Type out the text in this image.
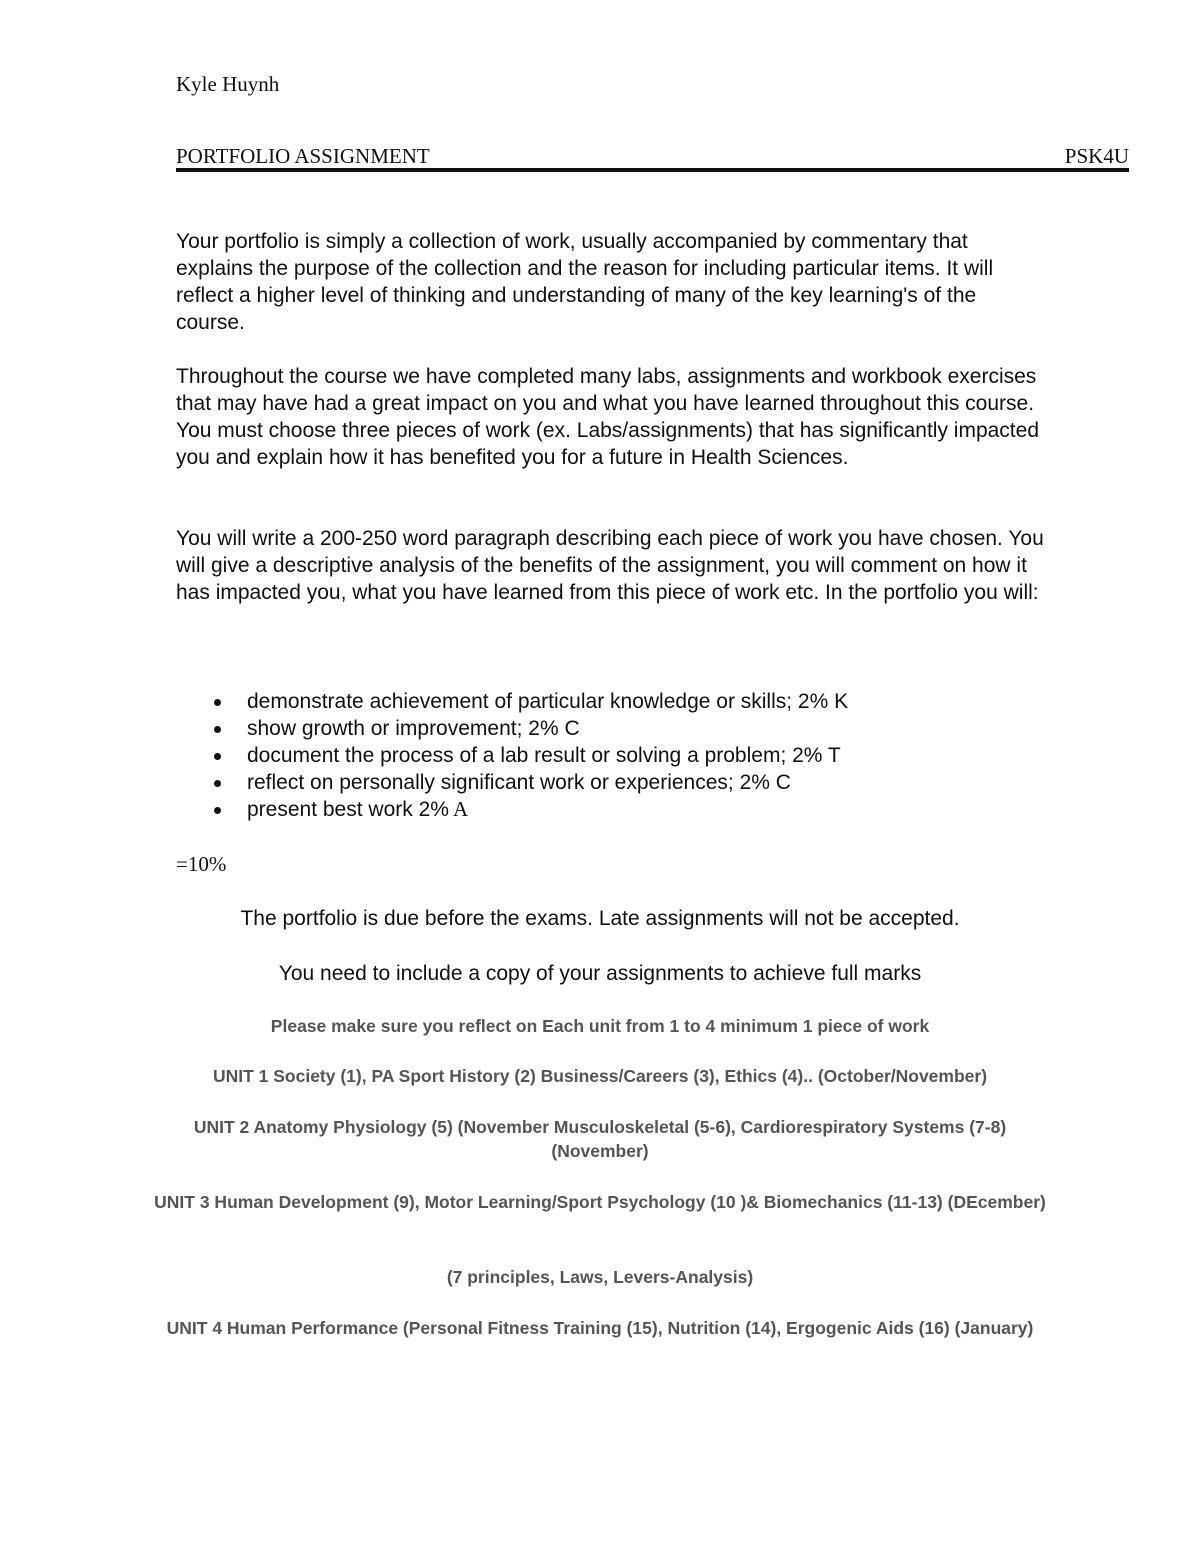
Kyle Huynh
PORTFOLIO ASSIGNMENT	PSK4U

Your portfolio is simply a collection of work, usually accompanied by commentary that explains the purpose of the collection and the reason for including particular items. It will reflect a higher level of thinking and understanding of many of the key learning's of the course.

Throughout the course we have completed many labs, assignments and workbook exercises that may have had a great impact on you and what you have learned throughout this course. You must choose three pieces of work (ex. Labs/assignments) that has significantly impacted you and explain how it has benefited you for a future in Health Sciences.

You will write a 200-250 word paragraph describing each piece of work you have chosen. You will give a descriptive analysis of the benefits of the assignment, you will comment on how it has impacted you, what you have learned from this piece of work etc. In the portfolio you will:

demonstrate achievement of particular knowledge or skills; 2% K
show growth or improvement; 2% C
document the process of a lab result or solving a problem; 2% T
reflect on personally significant work or experiences; 2% C
present best work 2% A
=10%

The portfolio is due before the exams. Late assignments will not be accepted.

You need to include a copy of your assignments to achieve full marks

Please make sure you reflect on Each unit from 1 to 4 minimum 1 piece of work

UNIT 1 Society (1), PA Sport History (2) Business/Careers (3), Ethics (4).. (October/November)

UNIT 2 Anatomy Physiology (5) (November Musculoskeletal (5-6), Cardiorespiratory Systems (7-8) (November)

UNIT 3 Human Development (9), Motor Learning/Sport Psychology (10 )& Biomechanics (11-13) (DEcember)

(7 principles, Laws, Levers-Analysis)

UNIT 4 Human Performance (Personal Fitness Training (15), Nutrition (14), Ergogenic Aids (16) (January)
